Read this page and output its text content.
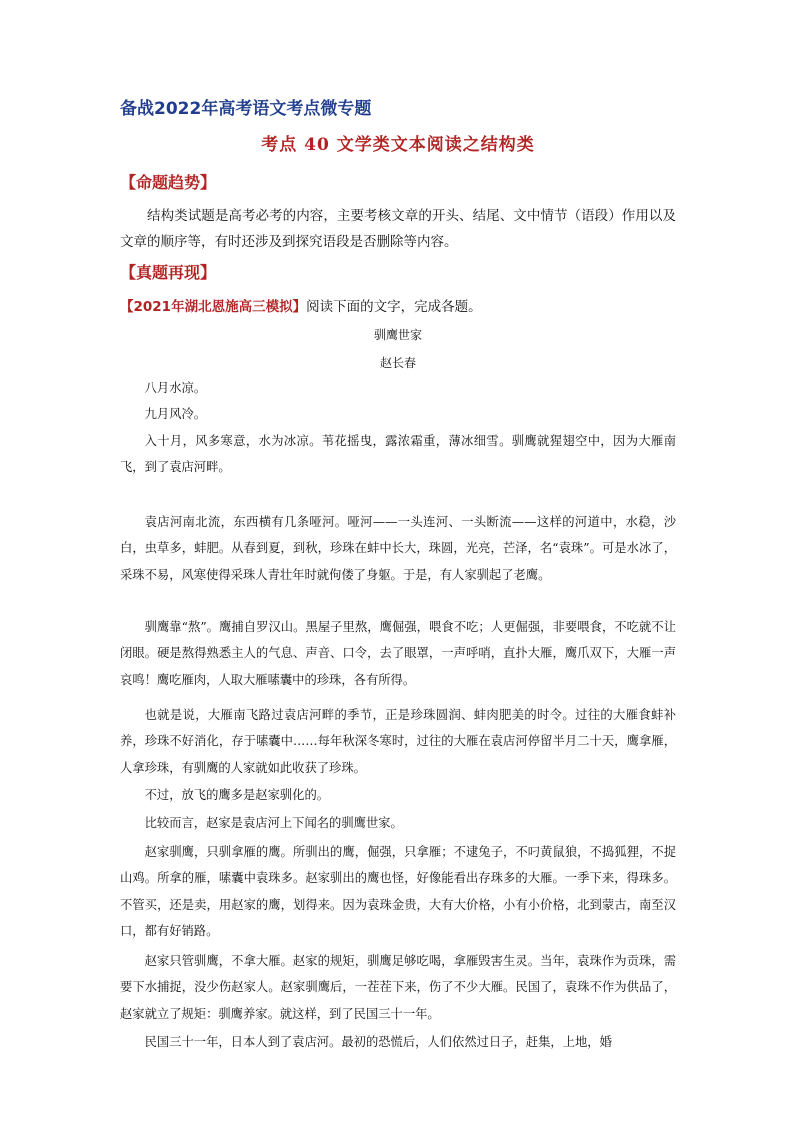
备战2022年高考语文考点微专题
考点 40 文学类文本阅读之结构类
【命题趋势】

结构类试题是高考必考的内容，主要考核文章的开头、结尾、文中情节（语段）作用以及文章的顺序等，有时还涉及到探究语段是否删除等内容。

【真题再现】

【2021年湖北恩施高三模拟】阅读下面的文字，完成各题。

驯鹰世家
赵长春

八月水凉。

九月风冷。

入十月，风多寒意，水为冰凉。苇花摇曳，露浓霜重，薄冰细雪。驯鹰就猩翅空中，因为大雁南飞，到了袁店河畔。

袁店河南北流，东西横有几条哑河。哑河——一头连河、一头断流——这样的河道中，水稳，沙白，虫草多，蚌肥。从春到夏，到秋，珍珠在蚌中长大，珠圆，光亮，芒泽，名“袁珠”。可是水冰了，采珠不易，风寒使得采珠人青壮年时就佝偻了身躯。于是，有人家驯起了老鹰。

驯鹰靠“熬”。鹰捕自罗汉山。黑屋子里熬，鹰倔强，喂食不吃；人更倔强，非要喂食，不吃就不让闭眼。硬是熬得熟悉主人的气息、声音、口令，去了眼罩，一声呼哨，直扑大雁，鹰爪双下，大雁一声哀鸣！鹰吃雁肉，人取大雁嗉囊中的珍珠，各有所得。

也就是说，大雁南飞路过袁店河畔的季节，正是珍珠圆润、蚌肉肥美的时令。过往的大雁食蚌补养，珍珠不好消化，存于嗉囊中……每年秋深冬寒时，过往的大雁在袁店河停留半月二十天，鹰拿雁，人拿珍珠，有驯鹰的人家就如此收获了珍珠。

不过，放飞的鹰多是赵家驯化的。

比较而言，赵家是袁店河上下闻名的驯鹰世家。

赵家驯鹰，只驯拿雁的鹰。所驯出的鹰，倔强，只拿雁；不逮兔子，不叼黄鼠狼，不捣狐狸，不捉山鸡。所拿的雁，嗉囊中袁珠多。赵家驯出的鹰也怪，好像能看出存珠多的大雁。一季下来，得珠多。不管买，还是卖，用赵家的鹰，划得来。因为袁珠金贵，大有大价格，小有小价格，北到蒙古，南至汉口，都有好销路。

赵家只管驯鹰，不拿大雁。赵家的规矩，驯鹰足够吃喝，拿雁毁害生灵。当年，袁珠作为贡珠，需要下水捕捉，没少伤赵家人。赵家驯鹰后，一茬茬下来，伤了不少大雁。民国了，袁珠不作为供品了，赵家就立了规矩：驯鹰养家。就这样，到了民国三十一年。

民国三十一年，日本人到了袁店河。最初的恐慌后，人们依然过日子，赶集，上地，婚
